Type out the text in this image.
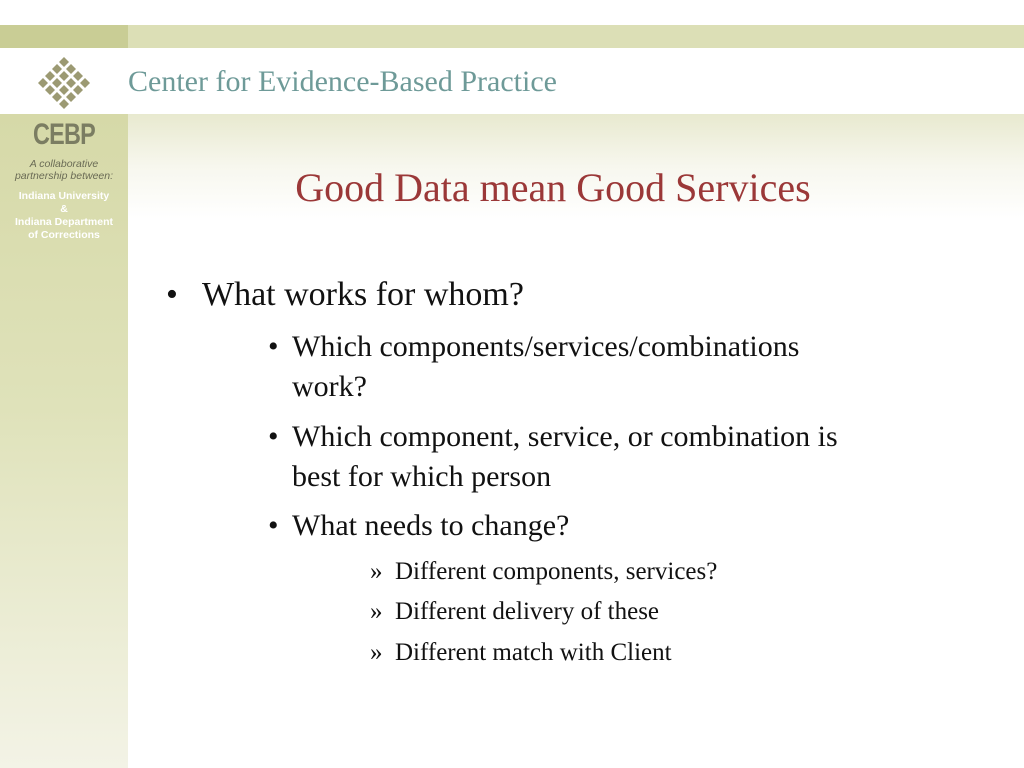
Center for Evidence-Based Practice
CEBP
A collaborative
partnership between:
Indiana University
&
Indiana Department
of Corrections
Good Data mean Good Services
• What works for whom?
• Which components/services/combinations
work?
• Which component, service, or combination is
best for which person
• What needs to change?
» Different components, services?
» Different delivery of these
» Different match with Client
